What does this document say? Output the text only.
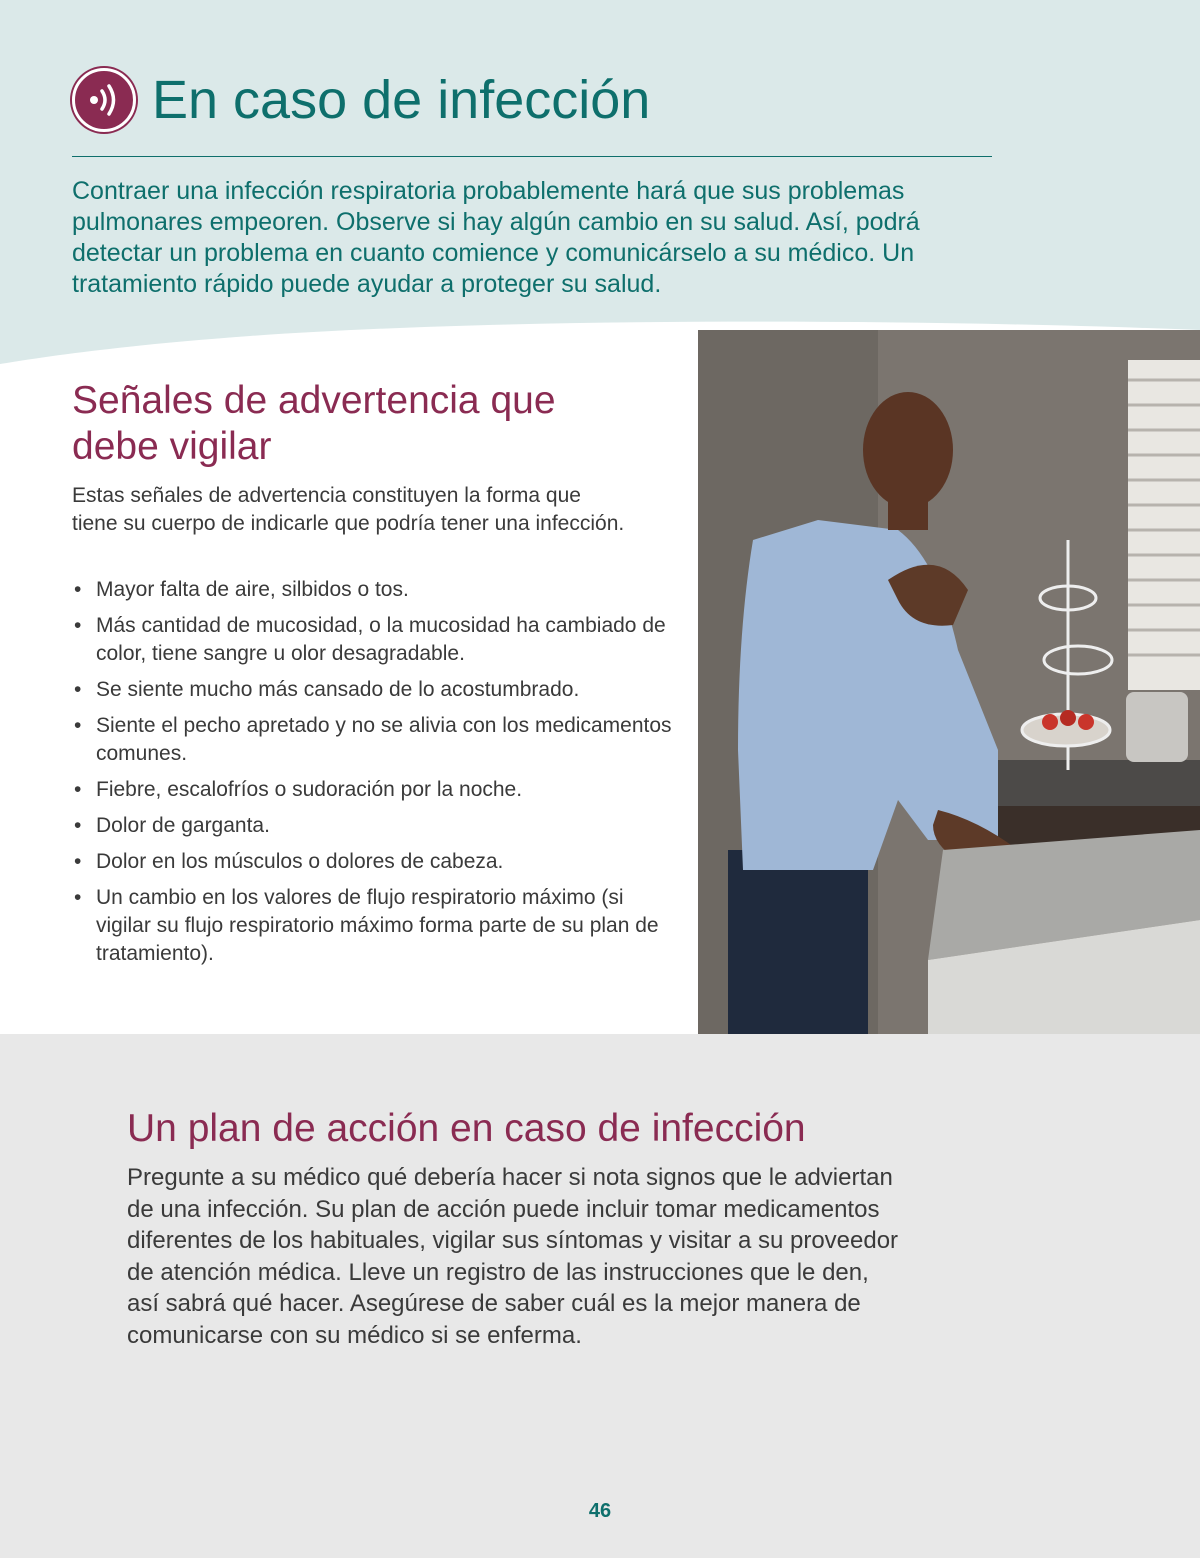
En caso de infección

Contraer una infección respiratoria probablemente hará que sus problemas pulmonares empeoren. Observe si hay algún cambio en su salud. Así, podrá detectar un problema en cuanto comience y comunicárselo a su médico. Un tratamiento rápido puede ayudar a proteger su salud.

Señales de advertencia que debe vigilar

Estas señales de advertencia constituyen la forma que tiene su cuerpo de indicarle que podría tener una infección.

• Mayor falta de aire, silbidos o tos.
• Más cantidad de mucosidad, o la mucosidad ha cambiado de color, tiene sangre u olor desagradable.
• Se siente mucho más cansado de lo acostumbrado.
• Siente el pecho apretado y no se alivia con los medicamentos comunes.
• Fiebre, escalofríos o sudoración por la noche.
• Dolor de garganta.
• Dolor en los músculos o dolores de cabeza.
• Un cambio en los valores de flujo respiratorio máximo (si vigilar su flujo respiratorio máximo forma parte de su plan de tratamiento).
Un plan de acción en caso de infección

Pregunte a su médico qué debería hacer si nota signos que le adviertan de una infección. Su plan de acción puede incluir tomar medicamentos diferentes de los habituales, vigilar sus síntomas y visitar a su proveedor de atención médica. Lleve un registro de las instrucciones que le den, así sabrá qué hacer. Asegúrese de saber cuál es la mejor manera de comunicarse con su médico si se enferma.

46
